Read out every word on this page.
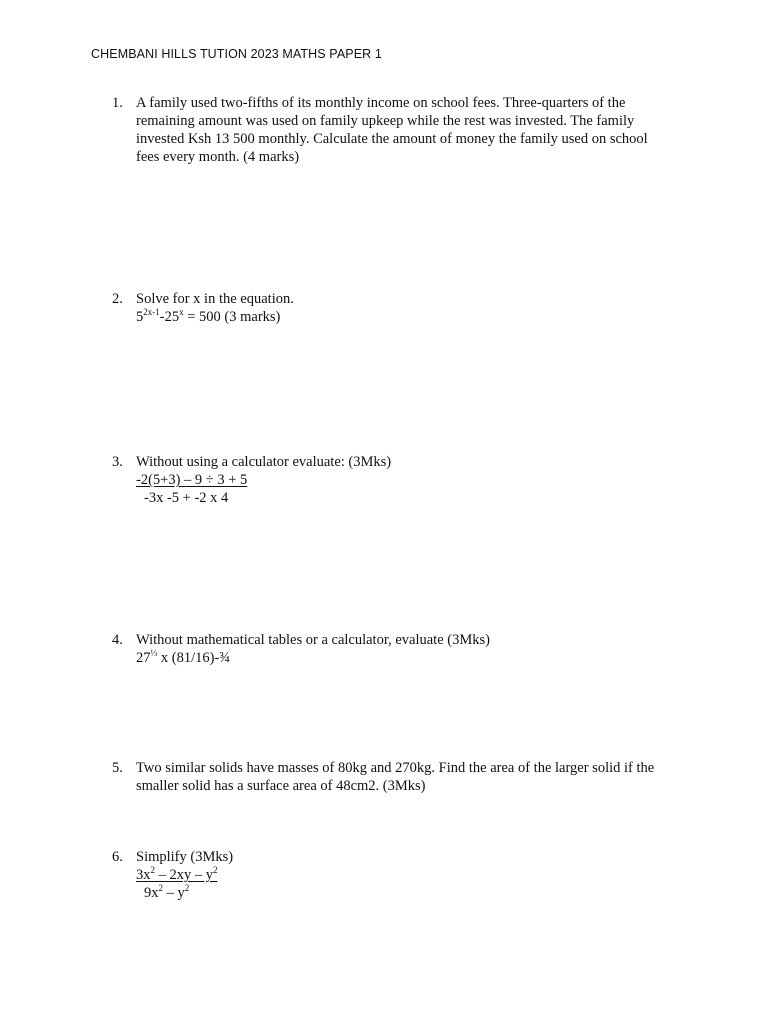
CHEMBANI HILLS TUTION 2023 MATHS PAPER 1
1. A family used two-fifths of its monthly income on school fees. Three-quarters of the
remaining amount was used on family upkeep while the rest was invested. The family
invested Ksh 13 500 monthly. Calculate the amount of money the family used on school
fees every month. (4 marks)
2. Solve for x in the equation.
$5^{2x-1}-25^x = 500$ (3 marks)
3. Without using a calculator evaluate: (3Mks)
-2(5+3) – 9 ÷ 3 + 5
-3x -5 + -2 x 4
4. Without mathematical tables or a calculator, evaluate (3Mks)
$27^{\frac{1}{3}}$ x (81/16)-¾
5. Two similar solids have masses of 80kg and 270kg. Find the area of the larger solid if the
smaller solid has a surface area of 48cm2. (3Mks)
6. Simplify (3Mks)
$3x^2 - 2xy - y^2$
$9x^2 - y^2$
